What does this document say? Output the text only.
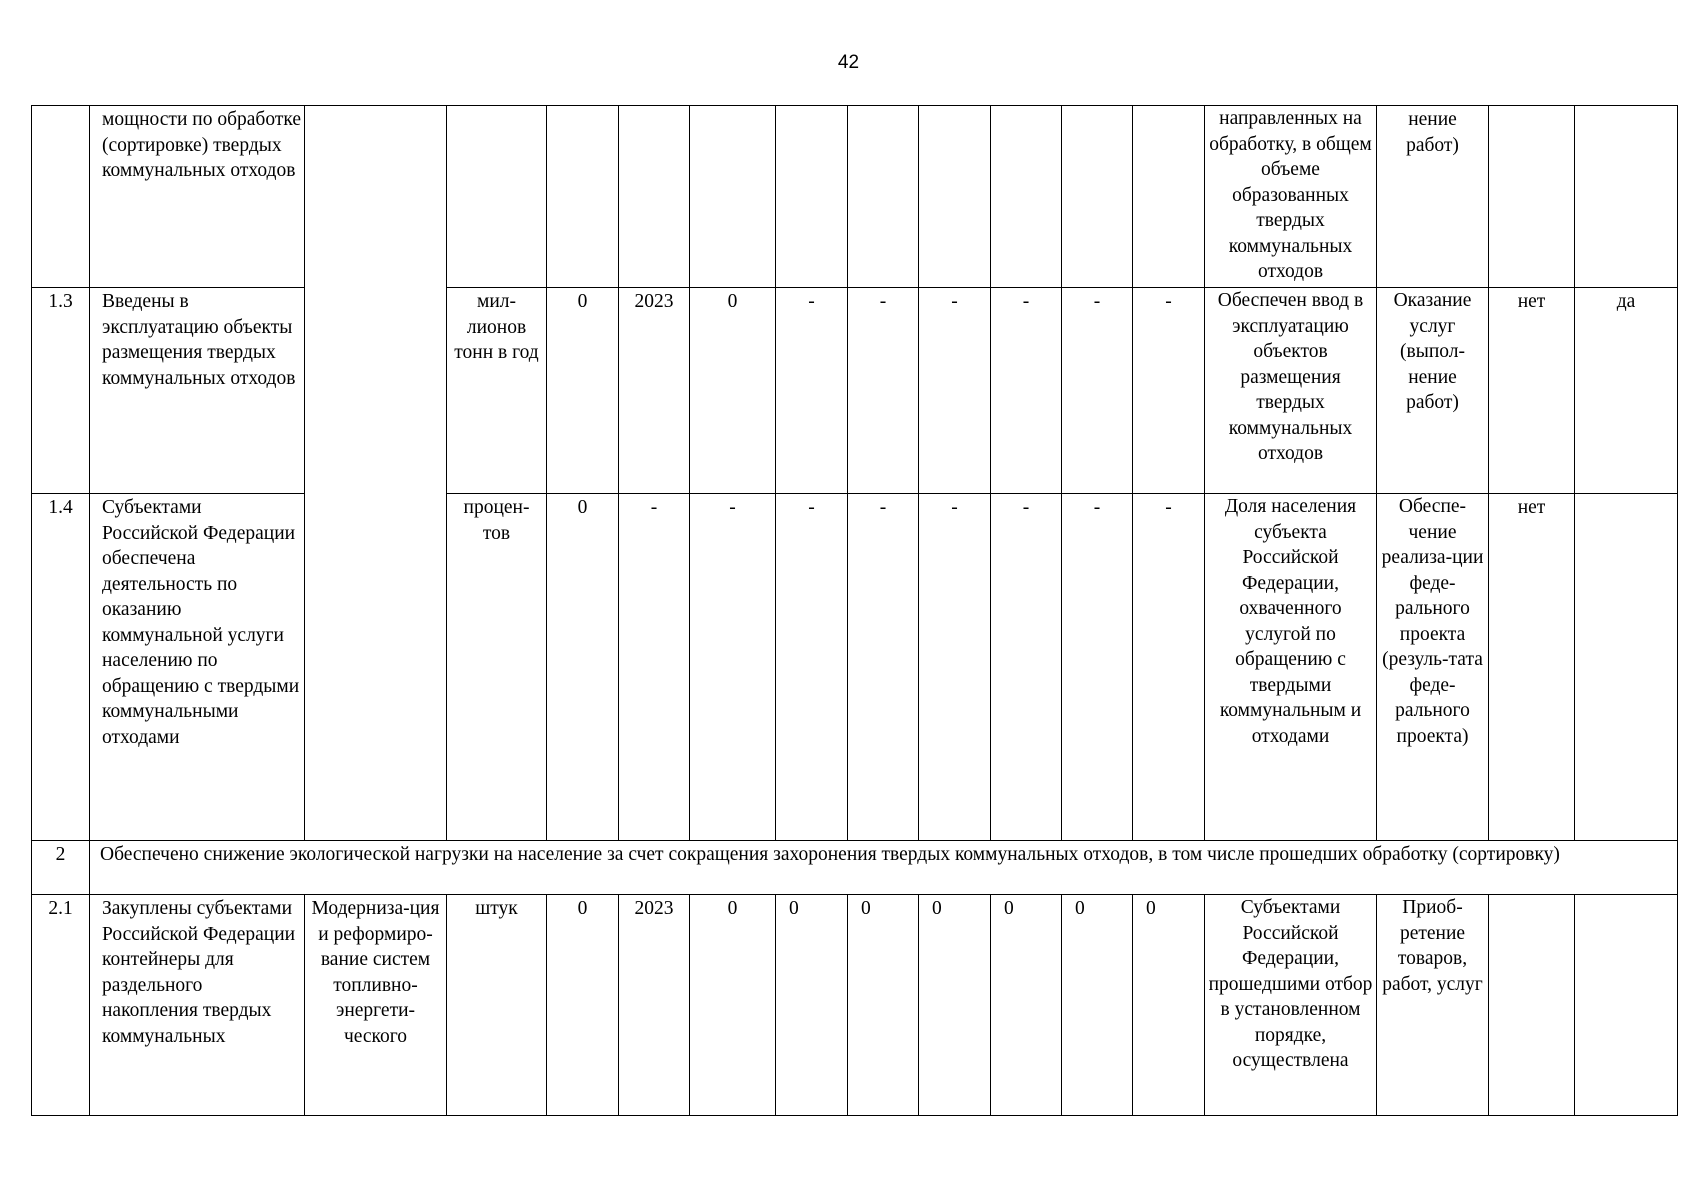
42
	мощности по обработке (сортировке) твердых коммунальных отходов												направленных на обработку, в общем объеме образованных твердых коммунальных отходов	нение работ)		
1.3	Введены в эксплуатацию объекты размещения твердых коммунальных отходов		мил-лионов тонн в год	0	2023	0	-	-	-	-	-	-	Обеспечен ввод в эксплуатацию объектов размещения твердых коммунальных отходов	Оказание услуг (выпол-нение работ)	нет	да
1.4	Субъектами Российской Федерации обеспечена деятельность по оказанию коммунальной услуги населению по обращению с твердыми коммунальными отходами		процен-тов	0	-	-	-	-	-	-	-	-	Доля населения субъекта Российской Федерации, охваченного услугой по обращению с твердыми коммунальным и отходами	Обеспе-чение реализа-ции феде-рального проекта (резуль-тата феде-рального проекта)	нет	
2	Обеспечено снижение экологической нагрузки на население за счет сокращения захоронения твердых коммунальных отходов, в том числе прошедших обработку (сортировку)															
2.1	Закуплены субъектами Российской Федерации контейнеры для раздельного накопления твердых коммунальных	Модерниза-ция и реформиро-вание систем топливно-энергети-ческого	штук	0	2023	0	0	0	0	0	0	0	Субъектами Российской Федерации, прошедшими отбор в установленном порядке, осуществлена	Приоб-ретение товаров, работ, услуг		
